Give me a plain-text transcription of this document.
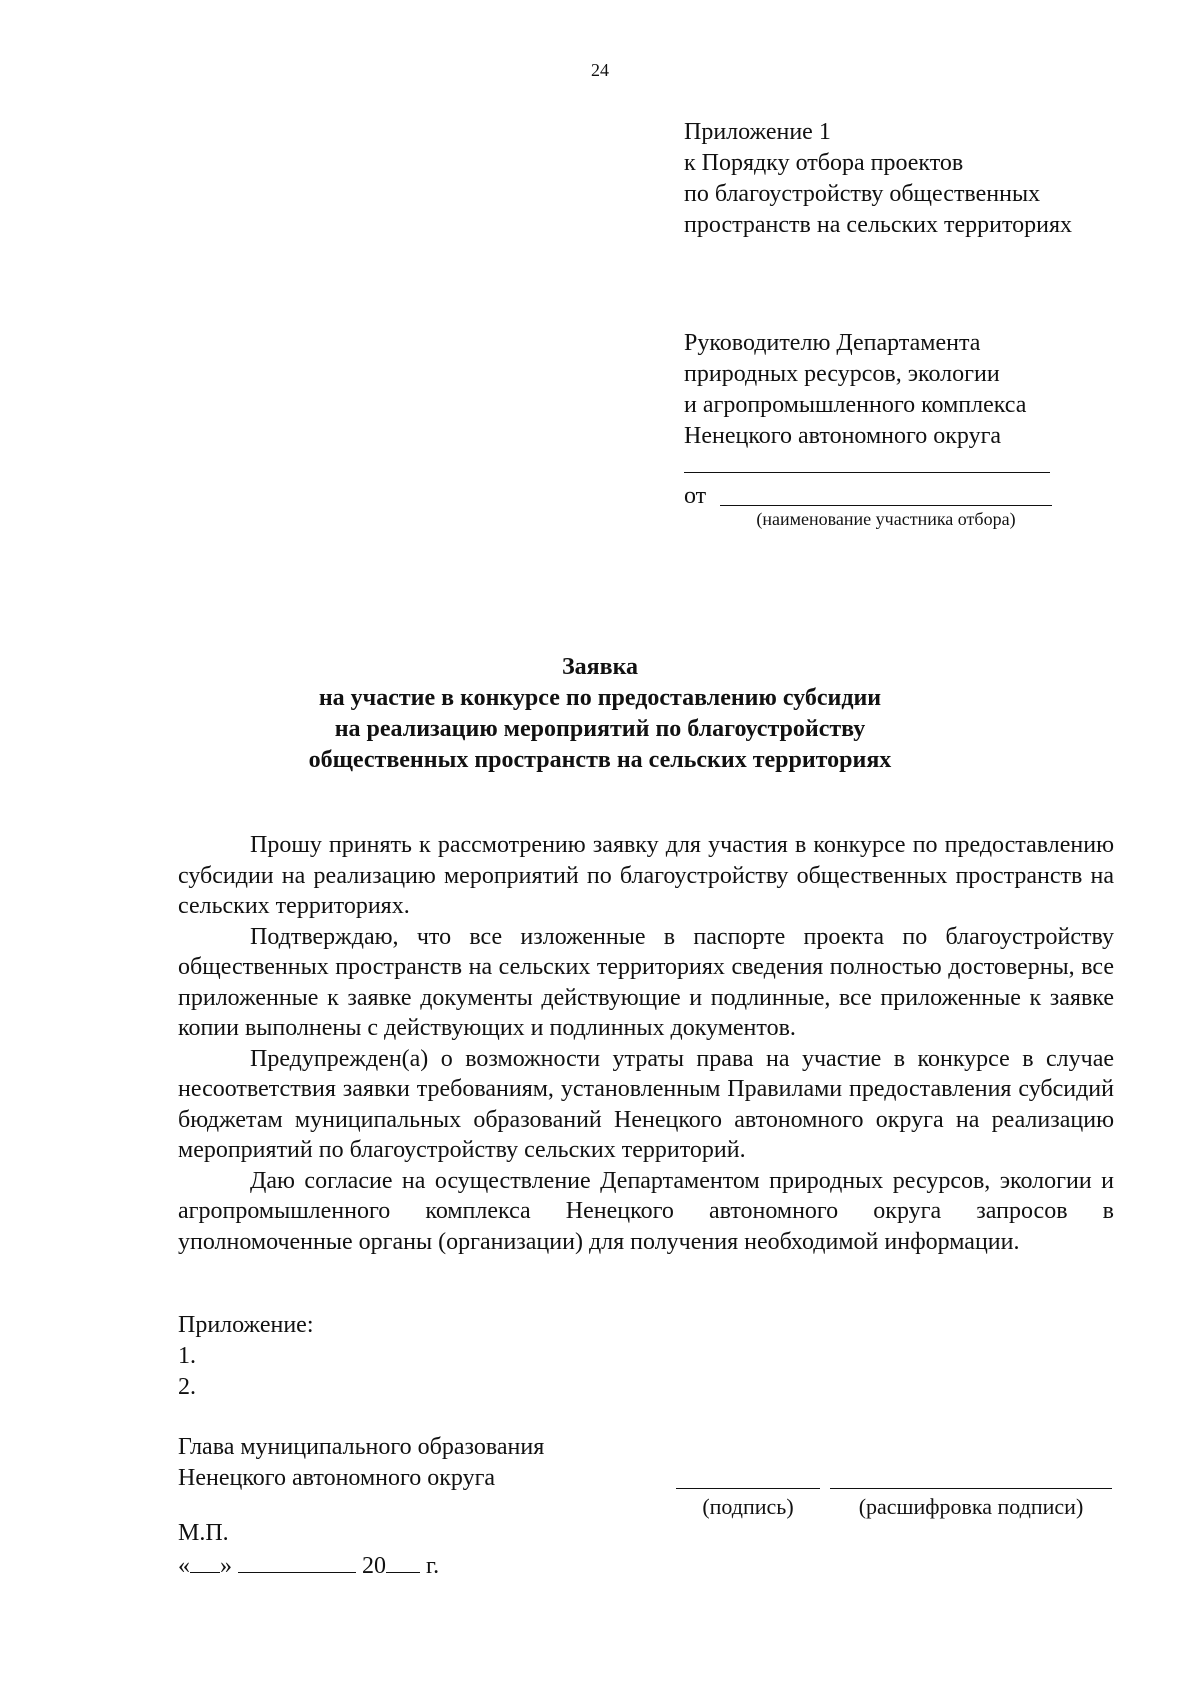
24
Приложение 1
к Порядку отбора проектов
по благоустройству общественных
пространств на сельских территориях
Руководителю Департамента
природных ресурсов, экологии
и агропромышленного комплекса
Ненецкого автономного округа
от
(наименование участника отбора)
Заявка
на участие в конкурсе по предоставлению субсидии
на реализацию мероприятий по благоустройству
общественных пространств на сельских территориях

Прошу принять к рассмотрению заявку для участия в конкурсе по предоставлению субсидии на реализацию мероприятий по благоустройству общественных пространств на сельских территориях.

Подтверждаю, что все изложенные в паспорте проекта по благоустройству общественных пространств на сельских территориях сведения полностью достоверны, все приложенные к заявке документы действующие и подлинные, все приложенные к заявке копии выполнены с действующих и подлинных документов.

Предупрежден(а) о возможности утраты права на участие в конкурсе в случае несоответствия заявки требованиям, установленным Правилами предоставления субсидий бюджетам муниципальных образований Ненецкого автономного округа на реализацию мероприятий по благоустройству сельских территорий.

Даю согласие на осуществление Департаментом природных ресурсов, экологии и агропромышленного комплекса Ненецкого автономного округа запросов в уполномоченные органы (организации) для получения необходимой информации.

Приложение:
1.
2.
Глава муниципального образования
Ненецкого автономного округа
(подпись)	(расшифровка подписи)
М.П.
« »	20 г.
